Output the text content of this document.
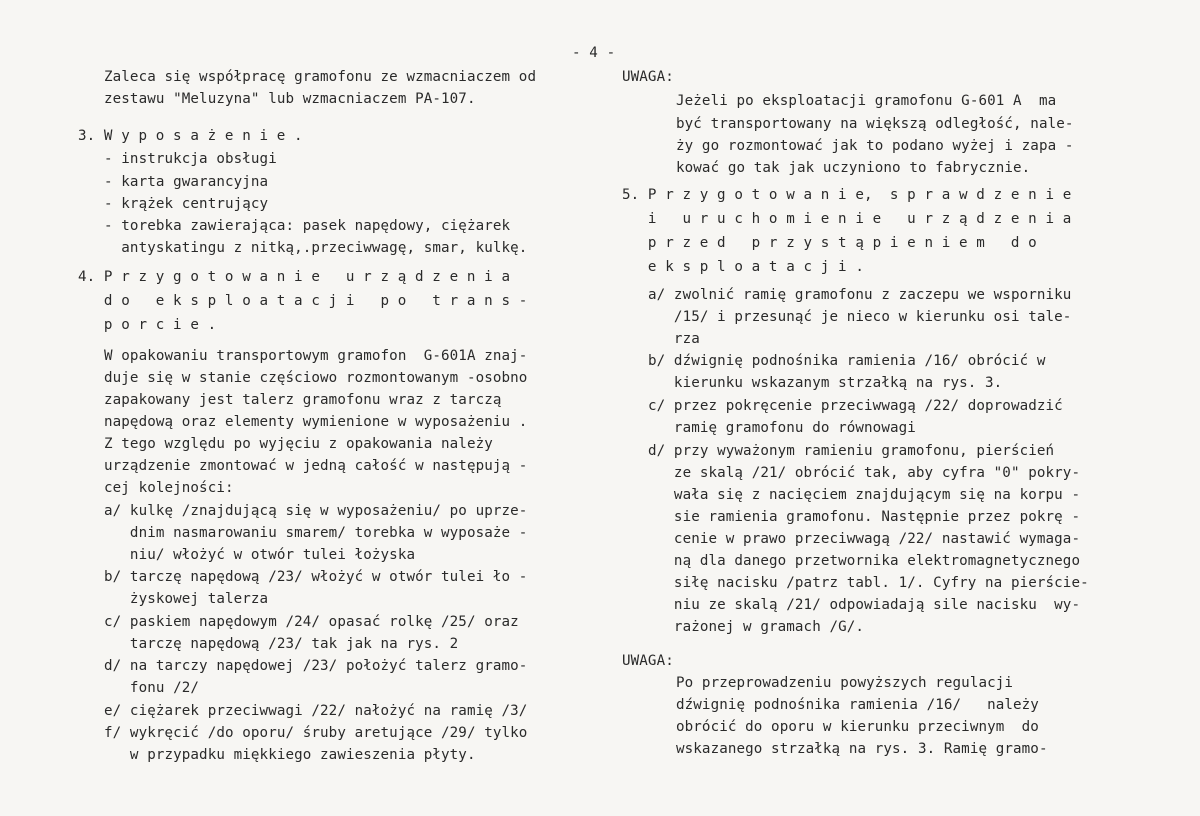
- 4 -
Zaleca się współpracę gramofonu ze wzmacniaczem od
zestawu "Meluzyna" lub wzmacniaczem PA-107.
3. W y p o s a ż e n i e .
- instrukcja obsługi
- karta gwarancyjna
- krążek centrujący
- torebka zawierająca: pasek napędowy, ciężarek
antyskatingu z nitką,.przeciwwagę, smar, kulkę.
4. P r z y g o t o w a n i e   u r z ą d z e n i a
d o   e k s p l o a t a c j i   p o   t r a n s -
p o r c i e .
W opakowaniu transportowym gramofon  G-601A znaj-
duje się w stanie częściowo rozmontowanym -osobno
zapakowany jest talerz gramofonu wraz z tarczą
napędową oraz elementy wymienione w wyposażeniu .
Z tego względu po wyjęciu z opakowania należy
urządzenie zmontować w jedną całość w następują -
cej kolejności:
a/ kulkę /znajdującą się w wyposażeniu/ po uprze-
dnim nasmarowaniu smarem/ torebka w wyposaże -
niu/ włożyć w otwór tulei łożyska
b/ tarczę napędową /23/ włożyć w otwór tulei ło -
żyskowej talerza
c/ paskiem napędowym /24/ opasać rolkę /25/ oraz
tarczę napędową /23/ tak jak na rys. 2
d/ na tarczy napędowej /23/ położyć talerz gramo-
fonu /2/
e/ ciężarek przeciwwagi /22/ nałożyć na ramię /3/
f/ wykręcić /do oporu/ śruby aretujące /29/ tylko
w przypadku miękkiego zawieszenia płyty.
UWAGA:
Jeżeli po eksploatacji gramofonu G-601 A  ma
być transportowany na większą odległość, nale-
ży go rozmontować jak to podano wyżej i zapa -
kować go tak jak uczyniono to fabrycznie.
5. P r z y g o t o w a n i e,  s p r a w d z e n i e
i   u r u c h o m i e n i e   u r z ą d z e n i a
p r z e d   p r z y s t ą p i e n i e m   d o
e k s p l o a t a c j i .
a/ zwolnić ramię gramofonu z zaczepu we wsporniku
/15/ i przesunąć je nieco w kierunku osi tale-
rza
b/ dźwignię podnośnika ramienia /16/ obrócić w
kierunku wskazanym strzałką na rys. 3.
c/ przez pokręcenie przeciwwagą /22/ doprowadzić
ramię gramofonu do równowagi
d/ przy wyważonym ramieniu gramofonu, pierścień
ze skalą /21/ obrócić tak, aby cyfra "0" pokry-
wała się z nacięciem znajdującym się na korpu -
sie ramienia gramofonu. Następnie przez pokrę -
cenie w prawo przeciwwagą /22/ nastawić wymaga-
ną dla danego przetwornika elektromagnetycznego
siłę nacisku /patrz tabl. 1/. Cyfry na pierście-
niu ze skalą /21/ odpowiadają sile nacisku  wy-
rażonej w gramach /G/.
UWAGA:
Po przeprowadzeniu powyższych regulacji
dźwignię podnośnika ramienia /16/   należy
obrócić do oporu w kierunku przeciwnym  do
wskazanego strzałką na rys. 3. Ramię gramo-
